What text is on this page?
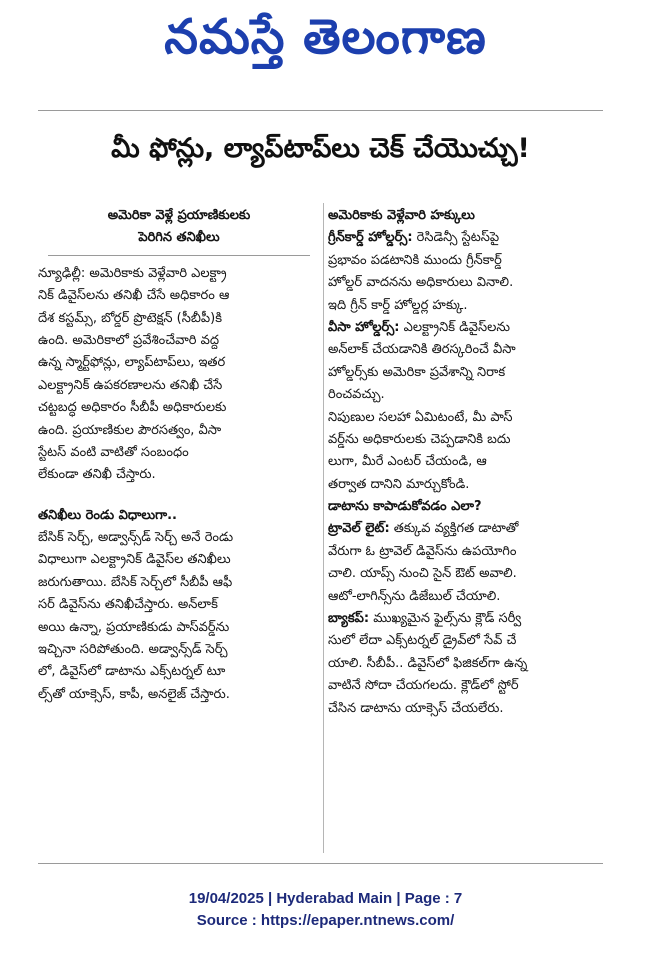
నమస్తే తెలంగాణ
మీ ఫోన్లు, ల్యాప్‌టాప్‌లు చెక్ చేయొచ్చు!
అమెరికా వెళ్లే ప్రయాణికులకు
పెరిగిన తనిఖీలు
న్యూఢిల్లీ: అమెరికాకు వెళ్లేవారి ఎలక్ట్రా
నిక్ డివైస్‌లను తనిఖీ చేసే అధికారం ఆ
దేశ కస్టమ్స్, బోర్డర్ ప్రొటెక్షన్ (సీబీపీ)కి
ఉంది. అమెరికాలో ప్రవేశించేవారి వద్ద
ఉన్న స్మార్ట్‌ఫోన్లు, ల్యాప్‌టాప్‌లు, ఇతర
ఎలక్ట్రానిక్ ఉపకరణాలను తనిఖీ చేసే
చట్టబద్ధ అధికారం సీబీపీ అధికారులకు
ఉంది. ప్రయాణికుల పౌరసత్వం, వీసా
స్టేటస్ వంటి వాటితో సంబంధం
లేకుండా తనిఖీ చేస్తారు.
తనిఖీలు రెండు విధాలుగా..
బేసిక్ సెర్చ్, అడ్వాన్స్‌డ్ సెర్చ్ అనే రెండు
విధాలుగా ఎలక్ట్రానిక్ డివైస్‌ల తనిఖీలు
జరుగుతాయి. బేసిక్ సెర్చ్‌లో సీబీపీ ఆఫీ
సర్ డివైస్‌ను తనిఖీచేస్తారు. అన్‌లాక్
అయి ఉన్నా, ప్రయాణికుడు పాస్‌వర్డ్‌ను
ఇచ్చినా సరిపోతుంది. అడ్వాన్స్‌డ్ సెర్చ్
లో, డివైస్‌లో డాటాను ఎక్స్‌టర్నల్ టూ
ల్స్‌తో యాక్సెస్, కాపీ, అనలైజ్ చేస్తారు.
అమెరికాకు వెళ్లేవారి హక్కులు
గ్రీన్‌కార్డ్ హోల్డర్స్: రెసిడెన్సీ స్టేటస్‌పై
ప్రభావం పడటానికి ముందు గ్రీన్‌కార్డ్
హోల్డర్ వాదనను అధికారులు వినాలి.
ఇది గ్రీన్ కార్డ్ హోల్డర్ల హక్కు.
వీసా హోల్డర్స్: ఎలక్ట్రానిక్ డివైస్‌లను
అన్‌లాక్ చేయడానికి తిరస్కరించే వీసా
హోల్డర్స్‌కు అమెరికా ప్రవేశాన్ని నిరాక
రించవచ్చు.
నిపుణుల సలహా ఏమిటంటే, మీ పాస్
వర్డ్‌ను అధికారులకు చెప్పడానికి బదు
లుగా, మీరే ఎంటర్ చేయండి, ఆ
తర్వాత దానిని మార్చుకోండి.
డాటాను కాపాడుకోవడం ఎలా?
ట్రావెల్ లైట్: తక్కువ వ్యక్తిగత డాటాతో
వేరుగా ఓ ట్రావెల్ డివైస్‌ను ఉపయోగిం
చాలి. యాప్స్ నుంచి సైన్ ఔట్ అవాలి.
ఆటో-లాగిన్స్‌ను డిజేబుల్ చేయాలి.
బ్యాకప్: ముఖ్యమైన ఫైల్స్‌ను క్లౌడ్ సర్వీ
సులో లేదా ఎక్స్‌టర్నల్ డ్రైవ్‌లో సేవ్ చే
యాలి. సీబీపీ.. డివైస్‌లో ఫిజికల్‌గా ఉన్న
వాటినే సోదా చేయగలదు. క్లౌడ్‌లో స్టోర్
చేసిన డాటాను యాక్సెస్ చేయలేరు.
19/04/2025 | Hyderabad Main | Page : 7
Source : https://epaper.ntnews.com/
